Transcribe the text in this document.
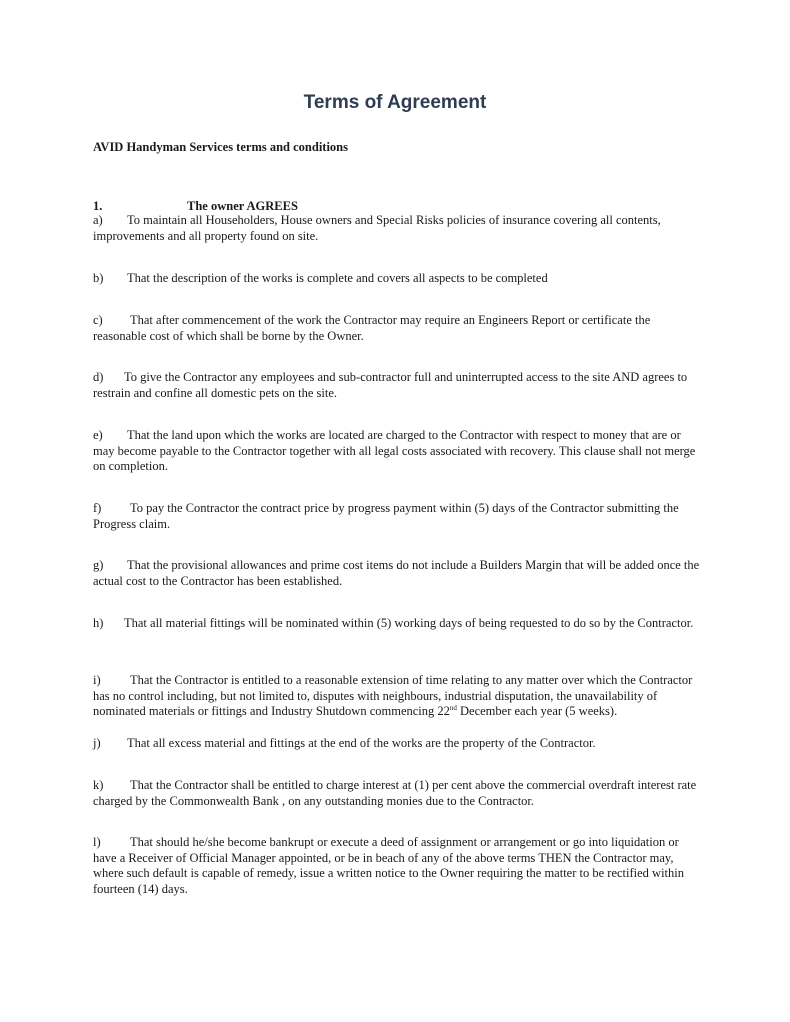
Terms of Agreement

AVID Handyman Services terms and conditions

1.	The owner AGREES

a) To maintain all Householders, House owners and Special Risks policies of insurance covering all contents, improvements and all property found on site.

b) That the description of the works is complete and covers all aspects to be completed

c) That after commencement of the work the Contractor may require an Engineers Report or certificate the reasonable cost of which shall be borne by the Owner.

d) To give the Contractor any employees and sub-contractor full and uninterrupted access to the site AND agrees to restrain and confine all domestic pets on the site.

e) That the land upon which the works are located are charged to the Contractor with respect to money that are or may become payable to the Contractor together with all legal costs associated with recovery. This clause shall not merge on completion.

f) To pay the Contractor the contract price by progress payment within (5) days of the Contractor submitting the Progress claim.

g) That the provisional allowances and prime cost items do not include a Builders Margin that will be added once the actual cost to the Contractor has been established.

h) That all material fittings will be nominated within (5) working days of being requested to do so by the Contractor.

i) That the Contractor is entitled to a reasonable extension of time relating to any matter over which the Contractor has no control including, but not limited to, disputes with neighbours, industrial disputation, the unavailability of nominated materials or fittings and Industry Shutdown commencing 22nd December each year (5 weeks).

j) That all excess material and fittings at the end of the works are the property of the Contractor.

k) That the Contractor shall be entitled to charge interest at (1) per cent above the commercial overdraft interest rate charged by the Commonwealth Bank , on any outstanding monies due to the Contractor.

l) That should he/she become bankrupt or execute a deed of assignment or arrangement or go into liquidation or have a Receiver of Official Manager appointed, or be in beach of any of the above terms THEN the Contractor may, where such default is capable of remedy, issue a written notice to the Owner requiring the matter to be rectified within fourteen (14) days.
